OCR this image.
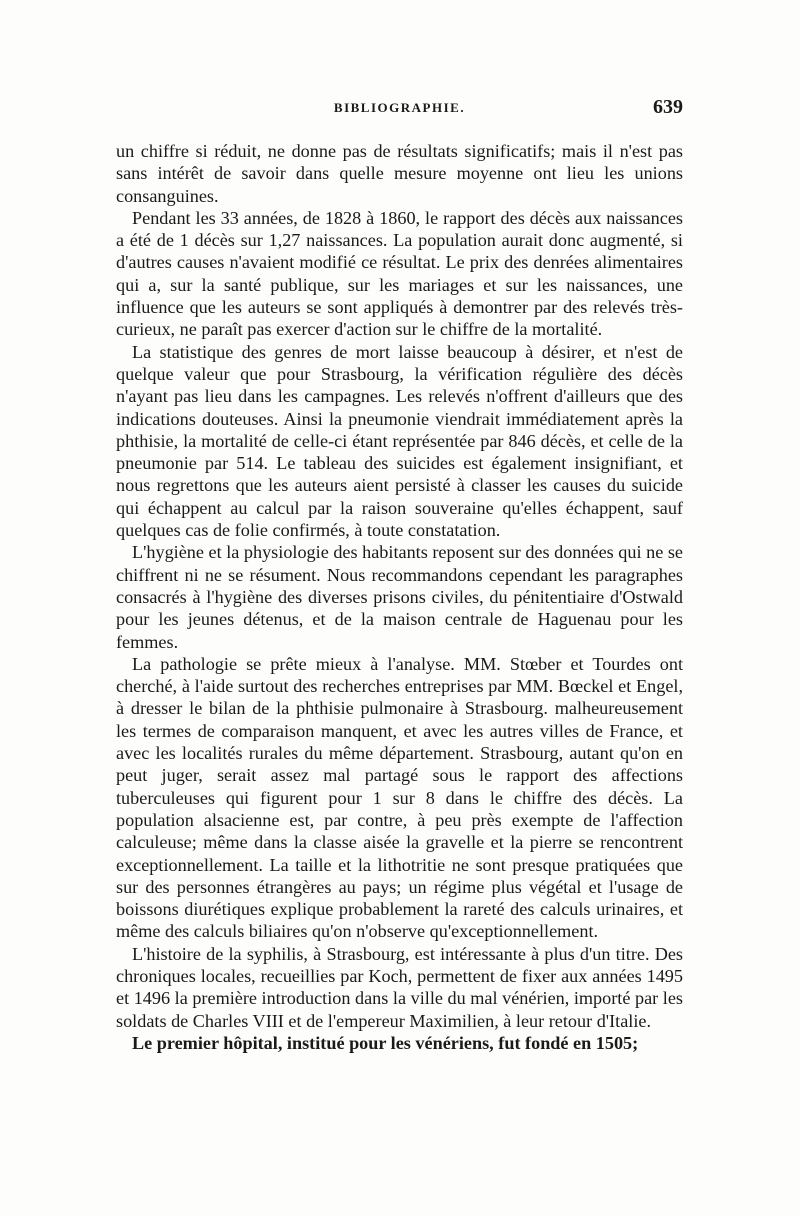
BIBLIOGRAPHIE.	639

un chiffre si réduit, ne donne pas de résultats significatifs; mais il n'est pas sans intérêt de savoir dans quelle mesure moyenne ont lieu les unions consanguines.

Pendant les 33 années, de 1828 à 1860, le rapport des décès aux naissances a été de 1 décès sur 1,27 naissances. La population aurait donc augmenté, si d'autres causes n'avaient modifié ce résultat. Le prix des denrées alimentaires qui a, sur la santé publique, sur les mariages et sur les naissances, une influence que les auteurs se sont appliqués à demontrer par des relevés très-curieux, ne paraît pas exercer d'action sur le chiffre de la mortalité.

La statistique des genres de mort laisse beaucoup à désirer, et n'est de quelque valeur que pour Strasbourg, la vérification régulière des décès n'ayant pas lieu dans les campagnes. Les relevés n'offrent d'ailleurs que des indications douteuses. Ainsi la pneumonie viendrait immédiatement après la phthisie, la mortalité de celle-ci étant représentée par 846 décès, et celle de la pneumonie par 514. Le tableau des suicides est également insignifiant, et nous regrettons que les auteurs aient persisté à classer les causes du suicide qui échappent au calcul par la raison souveraine qu'elles échappent, sauf quelques cas de folie confirmés, à toute constatation.

L'hygiène et la physiologie des habitants reposent sur des données qui ne se chiffrent ni ne se résument. Nous recommandons cependant les paragraphes consacrés à l'hygiène des diverses prisons civiles, du pénitentiaire d'Ostwald pour les jeunes détenus, et de la maison centrale de Haguenau pour les femmes.

La pathologie se prête mieux à l'analyse. MM. Stœber et Tourdes ont cherché, à l'aide surtout des recherches entreprises par MM. Bœckel et Engel, à dresser le bilan de la phthisie pulmonaire à Strasbourg. malheureusement les termes de comparaison manquent, et avec les autres villes de France, et avec les localités rurales du même département. Strasbourg, autant qu'on en peut juger, serait assez mal partagé sous le rapport des affections tuberculeuses qui figurent pour 1 sur 8 dans le chiffre des décès. La population alsacienne est, par contre, à peu près exempte de l'affection calculeuse; même dans la classe aisée la gravelle et la pierre se rencontrent exceptionnellement. La taille et la lithotritie ne sont presque pratiquées que sur des personnes étrangères au pays; un régime plus végétal et l'usage de boissons diurétiques explique probablement la rareté des calculs urinaires, et même des calculs biliaires qu'on n'observe qu'exceptionnellement.

L'histoire de la syphilis, à Strasbourg, est intéressante à plus d'un titre. Des chroniques locales, recueillies par Koch, permettent de fixer aux années 1495 et 1496 la première introduction dans la ville du mal vénérien, importé par les soldats de Charles VIII et de l'empereur Maximilien, à leur retour d'Italie.

Le premier hôpital, institué pour les vénériens, fut fondé en 1505;
